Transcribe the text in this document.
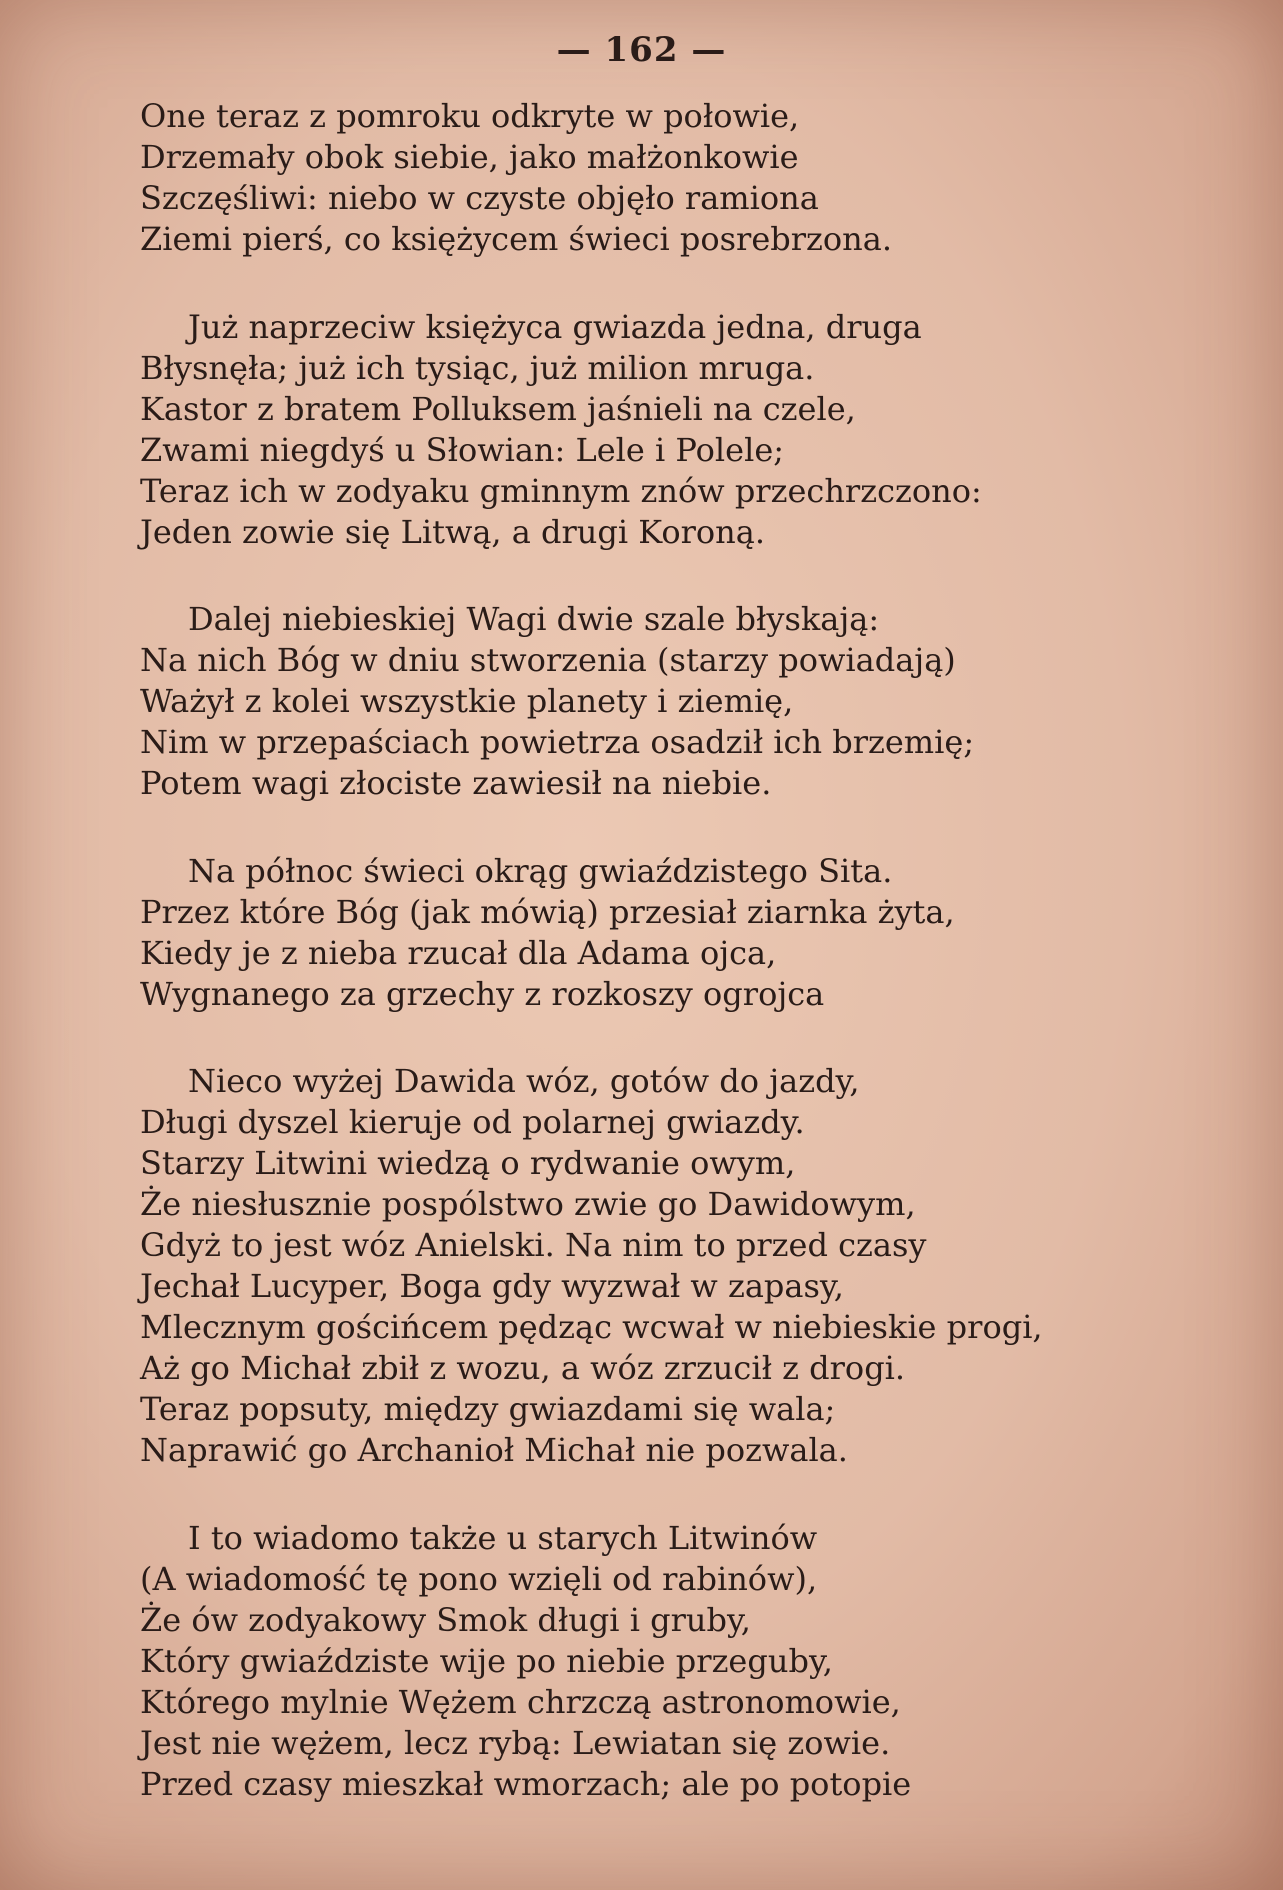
— 162 —
One teraz z pomroku odkryte w połowie,
Drzemały obok siebie, jako małżonkowie
Szczęśliwi: niebo w czyste objęło ramiona
Ziemi pierś, co księżycem świeci posrebrzona.
Już naprzeciw księżyca gwiazda jedna, druga
Błysnęła; już ich tysiąc, już milion mruga.
Kastor z bratem Polluksem jaśnieli na czele,
Zwami niegdyś u Słowian: Lele i Polele;
Teraz ich w zodyaku gminnym znów przechrzczono:
Jeden zowie się Litwą, a drugi Koroną.
Dalej niebieskiej Wagi dwie szale błyskają:
Na nich Bóg w dniu stworzenia (starzy powiadają)
Ważył z kolei wszystkie planety i ziemię,
Nim w przepaściach powietrza osadził ich brzemię;
Potem wagi złociste zawiesił na niebie.
Na północ świeci okrąg gwiaździstego Sita.
Przez które Bóg (jak mówią) przesiał ziarnka żyta,
Kiedy je z nieba rzucał dla Adama ojca,
Wygnanego za grzechy z rozkoszy ogrojca
Nieco wyżej Dawida wóz, gotów do jazdy,
Długi dyszel kieruje od polarnej gwiazdy.
Starzy Litwini wiedzą o rydwanie owym,
Że niesłusznie pospólstwo zwie go Dawidowym,
Gdyż to jest wóz Anielski. Na nim to przed czasy
Jechał Lucyper, Boga gdy wyzwał w zapasy,
Mlecznym gościńcem pędząc wcwał w niebieskie progi,
Aż go Michał zbił z wozu, a wóz zrzucił z drogi.
Teraz popsuty, między gwiazdami się wala;
Naprawić go Archanioł Michał nie pozwala.
I to wiadomo także u starych Litwinów
(A wiadomość tę pono wzięli od rabinów),
Że ów zodyakowy Smok długi i gruby,
Który gwiaździste wije po niebie przeguby,
Którego mylnie Wężem chrzczą astronomowie,
Jest nie wężem, lecz rybą: Lewiatan się zowie.
Przed czasy mieszkał wmorzach; ale po potopie
